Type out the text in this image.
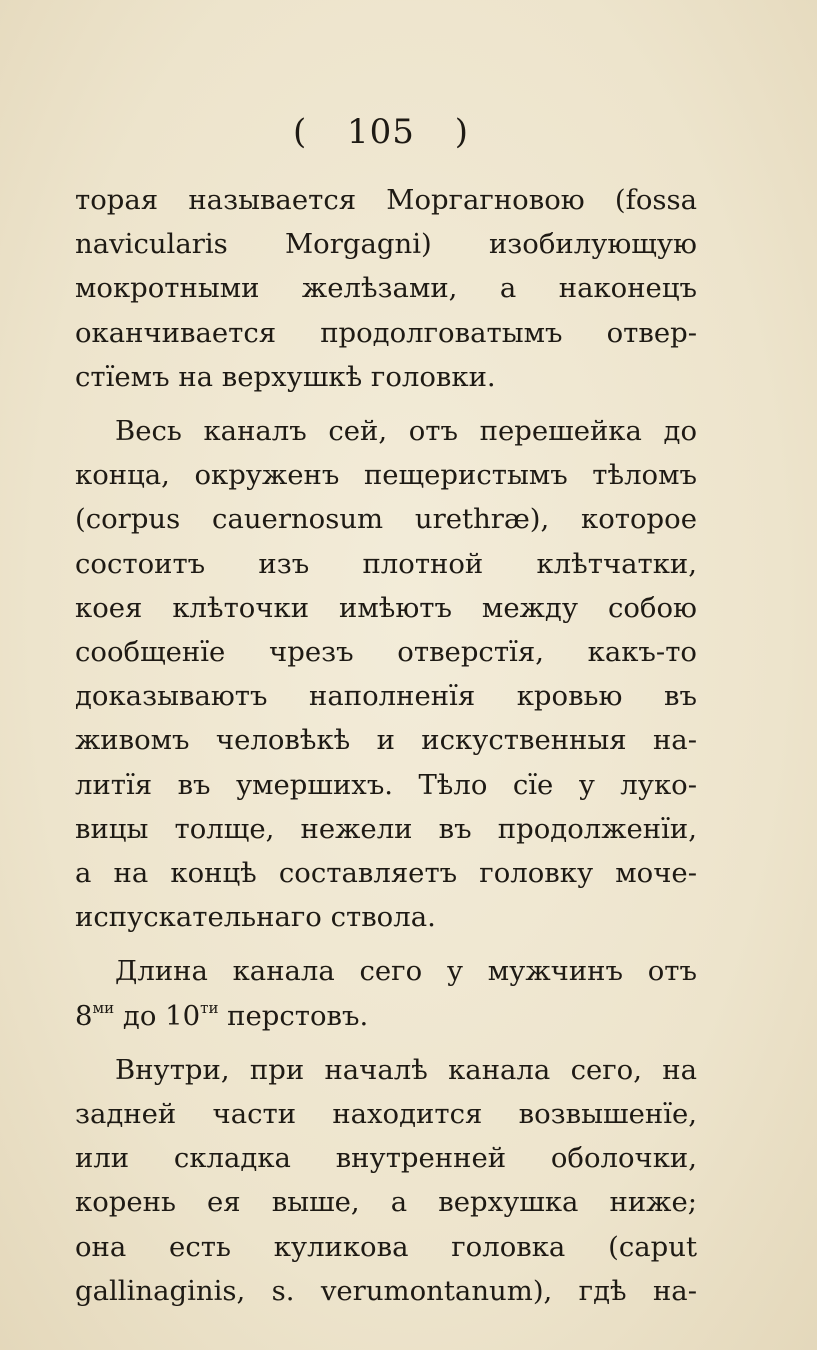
( 105 )
торая называется Моргагновою (fossa
navicularis Morgagni) изобилующую
мокротными желѣзами, а наконецъ
оканчивается продолговатымъ отвер-
стїемъ на верхушкѣ головки.
Весь каналъ сей, отъ перешейка до
конца, окруженъ пещеристымъ тѣломъ
(corpus cauernosum urethræ), которое
состоитъ изъ плотной клѣтчатки,
коея клѣточки имѣютъ между собою
сообщенїе чрезъ отверстїя, какъ-то
доказываютъ наполненїя кровью въ
живомъ человѣкѣ и искуственныя на-
литїя въ умершихъ. Тѣло сїе у луко-
вицы толще, нежели въ продолженїи,
а на концѣ составляетъ головку моче-
испускательнаго ствола.
Длина канала сего у мужчинъ отъ
$8^{ми}$ до $10^{ти}$ перстовъ.
Внутри, при началѣ канала сего, на
задней части находится возвышенїе,
или складка внутренней оболочки,
корень ея выше, а верхушка ниже;
она есть куликова головка (caput
gallinaginis, s. verumontanum), гдѣ на-
